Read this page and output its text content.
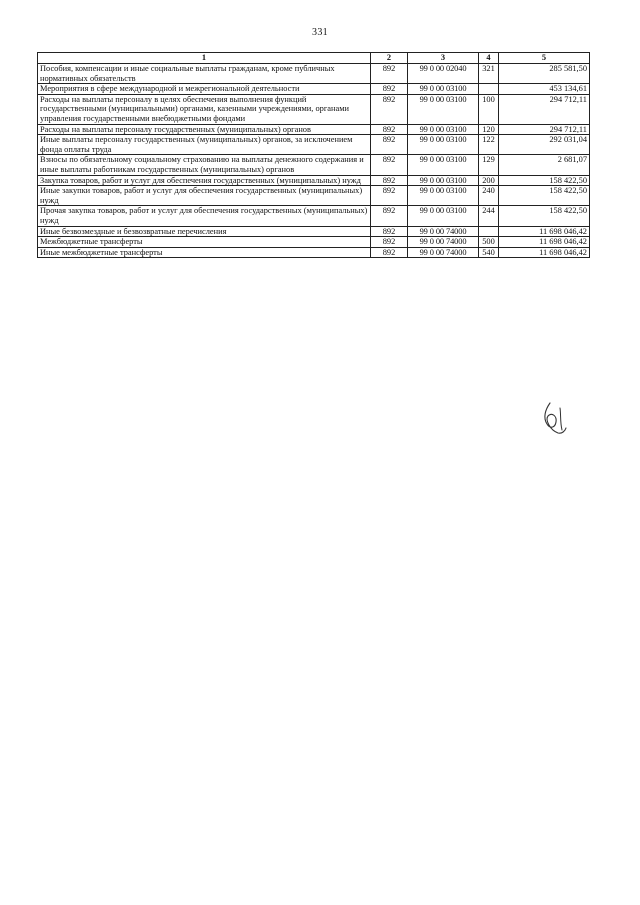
331
1	2	3	4	5
Пособия, компенсации и иные социальные выплаты гражданам, кроме публичных нормативных обязательств	892	99 0 00 02040	321	285 581,50
Мероприятия в сфере международной и межрегиональной деятельности	892	99 0 00 03100		453 134,61
Расходы на выплаты персоналу в целях обеспечения выполнения функций государственными (муниципальными) органами, казенными учреждениями, органами управления государственными внебюджетными фондами	892	99 0 00 03100	100	294 712,11
Расходы на выплаты персоналу государственных (муниципальных) органов	892	99 0 00 03100	120	294 712,11
Иные выплаты персоналу государственных (муниципальных) органов, за исключением фонда оплаты труда	892	99 0 00 03100	122	292 031,04
Взносы по обязательному социальному страхованию на выплаты денежного содержания и иные выплаты работникам государственных (муниципальных) органов	892	99 0 00 03100	129	2 681,07
Закупка товаров, работ и услуг для обеспечения государственных (муниципальных) нужд	892	99 0 00 03100	200	158 422,50
Иные закупки товаров, работ и услуг для обеспечения государственных (муниципальных) нужд	892	99 0 00 03100	240	158 422,50
Прочая закупка товаров, работ и услуг для обеспечения государственных (муниципальных) нужд	892	99 0 00 03100	244	158 422,50
Иные безвозмездные и безвозвратные перечисления	892	99 0 00 74000		11 698 046,42
Межбюджетные трансферты	892	99 0 00 74000	500	11 698 046,42
Иные межбюджетные трансферты	892	99 0 00 74000	540	11 698 046,42
